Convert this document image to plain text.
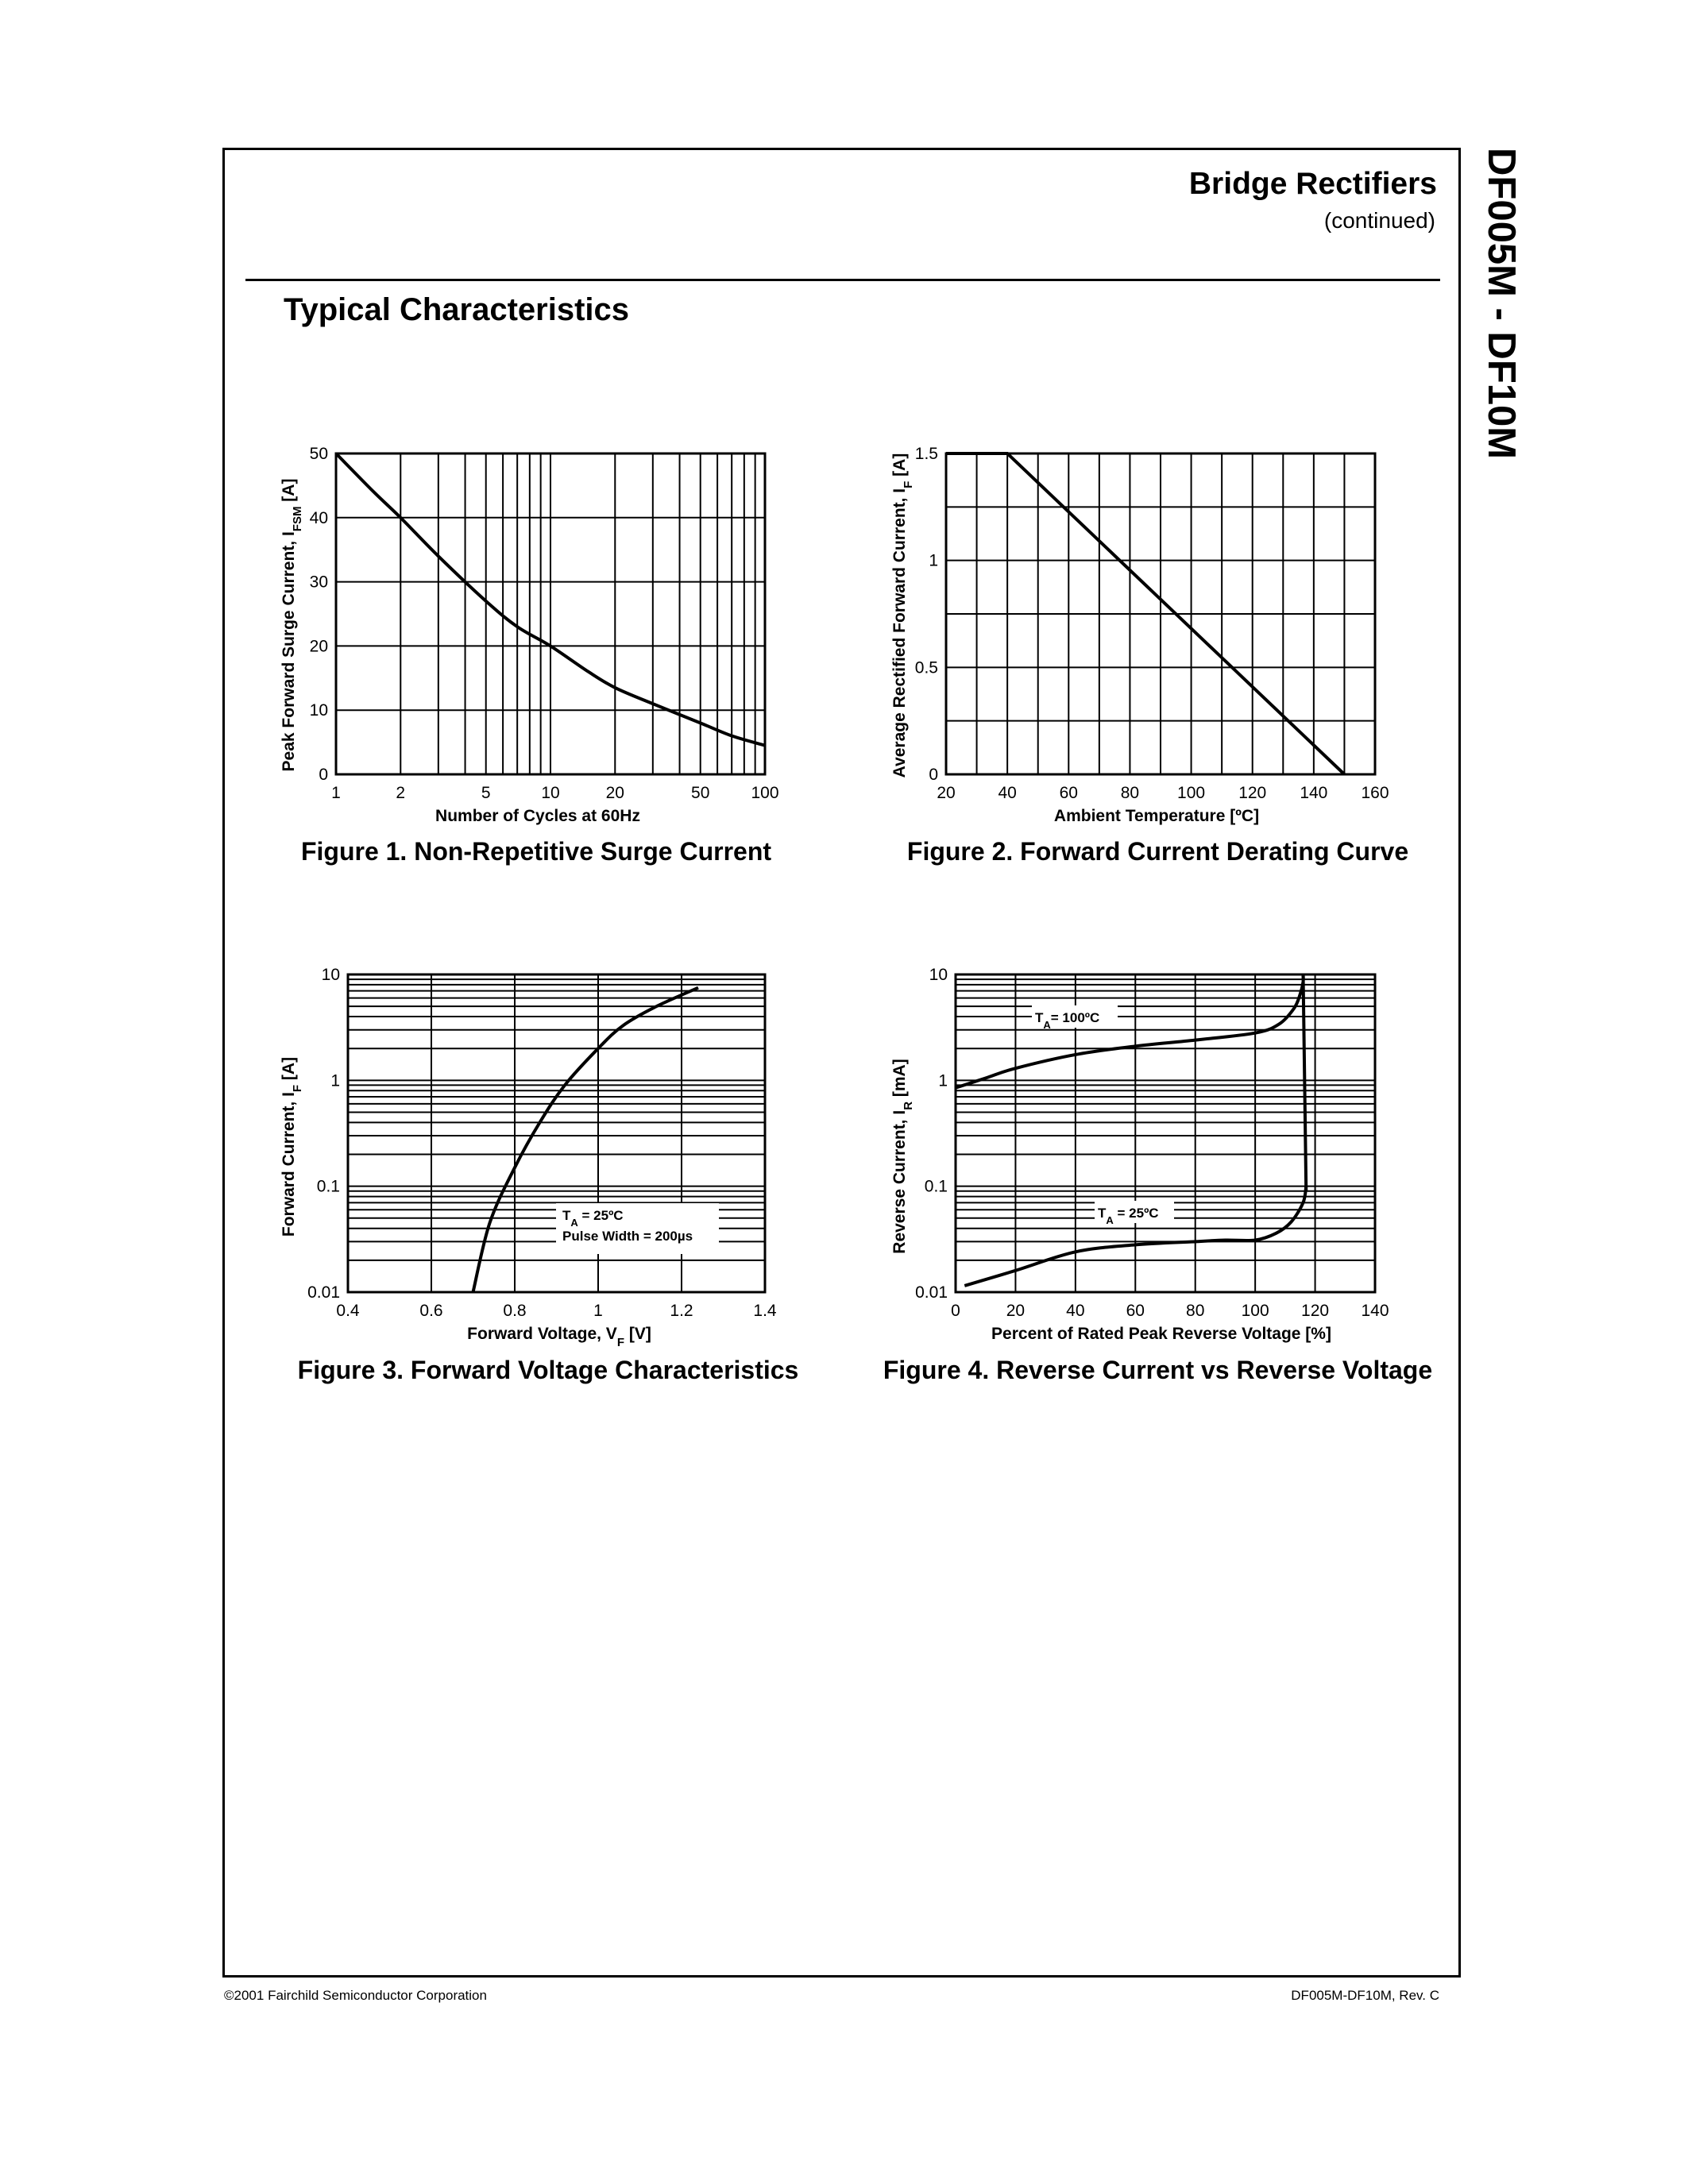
Bridge Rectifiers
(continued)
Typical Characteristics	DF005M - DF10M
1	2	5	10	20	50 100
0
10
20
30
40
50
Number of Cycles at 60Hz
Peak Forward Surge Current, $I_{FSM}$ [A]
Figure 1. Non-Repetitive Surge Current
20	40	60	80 100 120 140 160
0
0.5
1
1.5
Ambient Temperature [ºC]
Average Rectified Forward Current, $I_F$ [A]
Figure 2. Forward Current Derating Curve
0.4	0.6	0.8	1	1.2	1.4
0.01
0.1
1
10
$T_A$ = 25ºC
Pulse Width = 200µs
Forward Voltage, $V_F$ [V]
Forward Current, $I_F$ [A]
Figure 3. Forward Voltage Characteristics
0	20 40 60 80 100 120 140
0.01
0.1
1
10
$T_A=$ 100ºC
$T_A$ = 25ºC
Percent of Rated Peak Reverse Voltage [%]
Reverse Current, $I_R$ [mA]
Figure 4. Reverse Current vs Reverse Voltage
©2001 Fairchild Semiconductor Corporation	DF005M-DF10M, Rev. C
